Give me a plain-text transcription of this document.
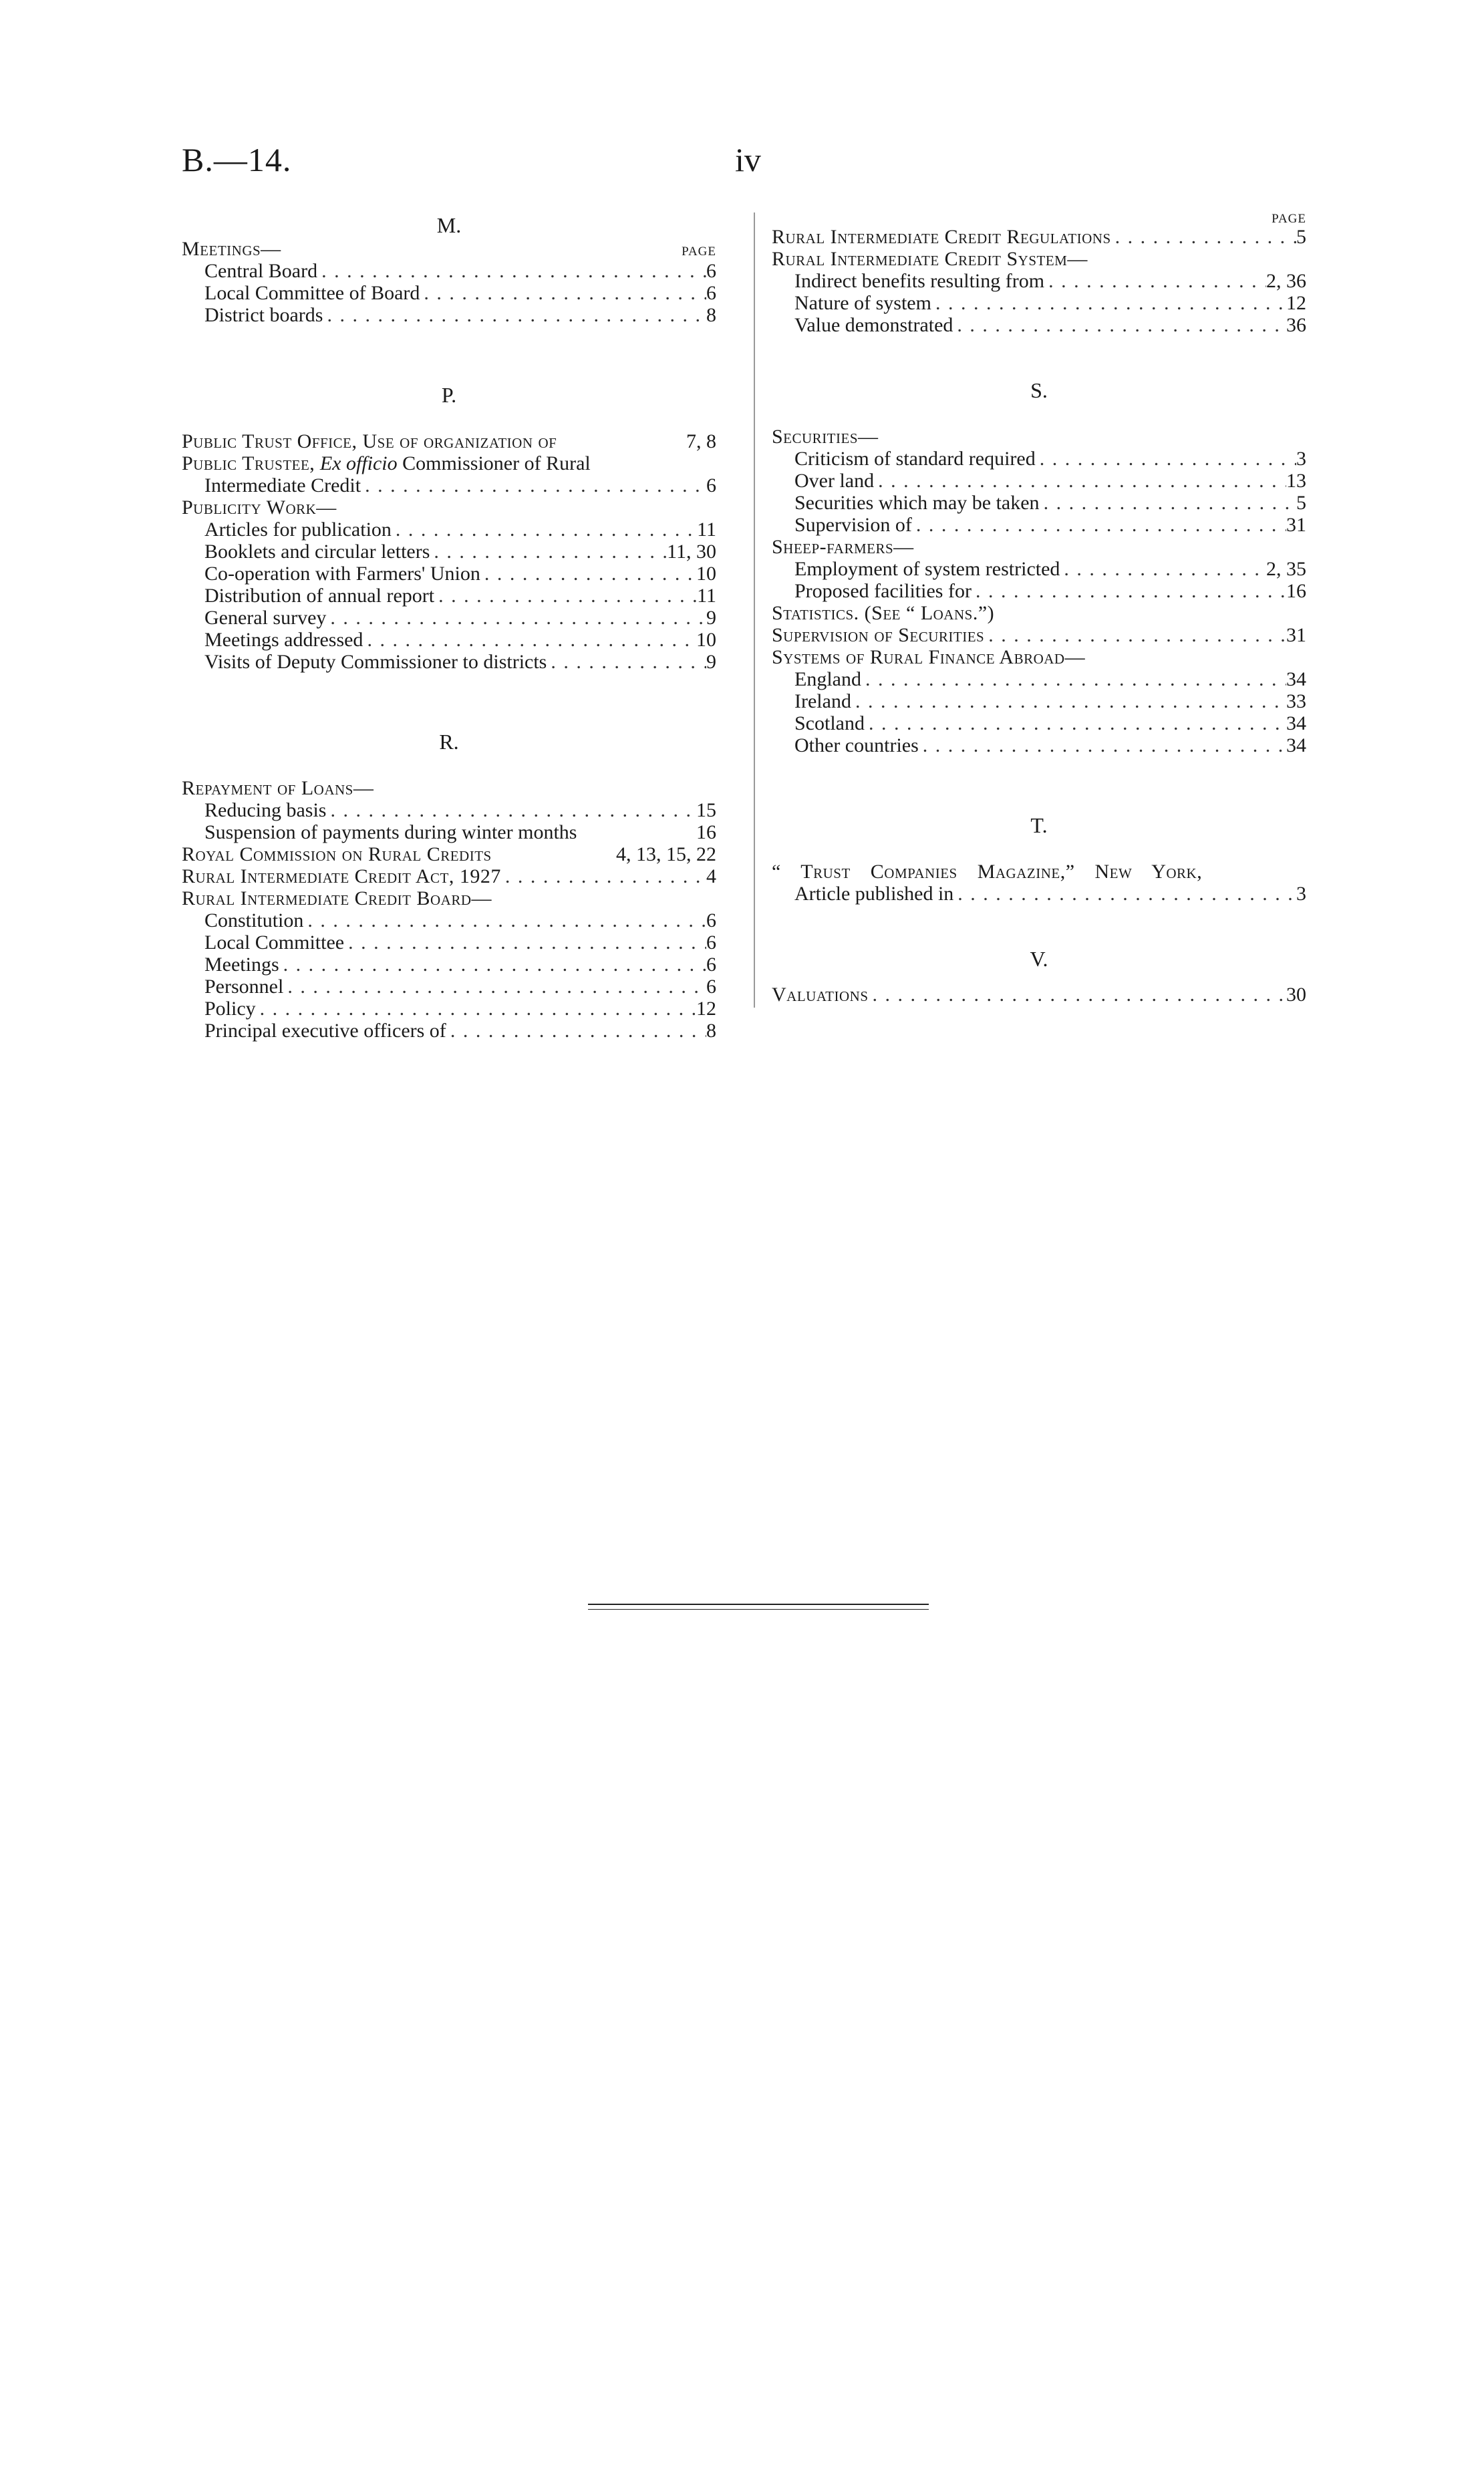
B.—14.	iv
M.
Meetings—	PAGE
Central Board . . .	6
Local Committee of Board . . .	6
District boards . . .	8
P.
Public Trust Office, Use of organization of	7, 8
Public Trustee,
Ex officio
Commissioner of Rural
Intermediate Credit . . .	6
Publicity Work—
Articles for publication . . .	11
Booklets and circular letters . . .	11, 30
Co-operation with Farmers' Union . . .	10
Distribution of annual report . . .	11
General survey . . .	9
Meetings addressed . . .	10
Visits of Deputy Commissioner to districts . . .	9
R.
Repayment of Loans—
Reducing basis . . .	15
Suspension of payments during winter months	16
Royal Commission on Rural Credits	4, 13, 15, 22
Rural Intermediate Credit Act, 1927 . . .	4
Rural Intermediate Credit Board—
Constitution . . .	6
Local Committee . . .	6
Meetings . . .	6
Personnel . . .	6
Policy . . .	12
Principal executive officers of . . .	8
PAGE
Rural Intermediate Credit Regulations . . .	5
Rural Intermediate Credit System—
Indirect benefits resulting from . . .	2, 36
Nature of system . . .	12
Value demonstrated . . .	36
S.
Securities—
Criticism of standard required . . .	3
Over land . . .	13
Securities which may be taken . . .	5
Supervision of . . .	31
Sheep-farmers—
Employment of system restricted . . .	2, 35
Proposed facilities for . . .	16
Statistics. (See “ Loans.”)
Supervision of Securities . . .	31
Systems of Rural Finance Abroad—
England . . .	34
Ireland . . .	33
Scotland . . .	34
Other countries . . .	34
T.
“ Trust Companies Magazine,” New York,
Article published in . . .	3
V.
Valuations . . .	30
